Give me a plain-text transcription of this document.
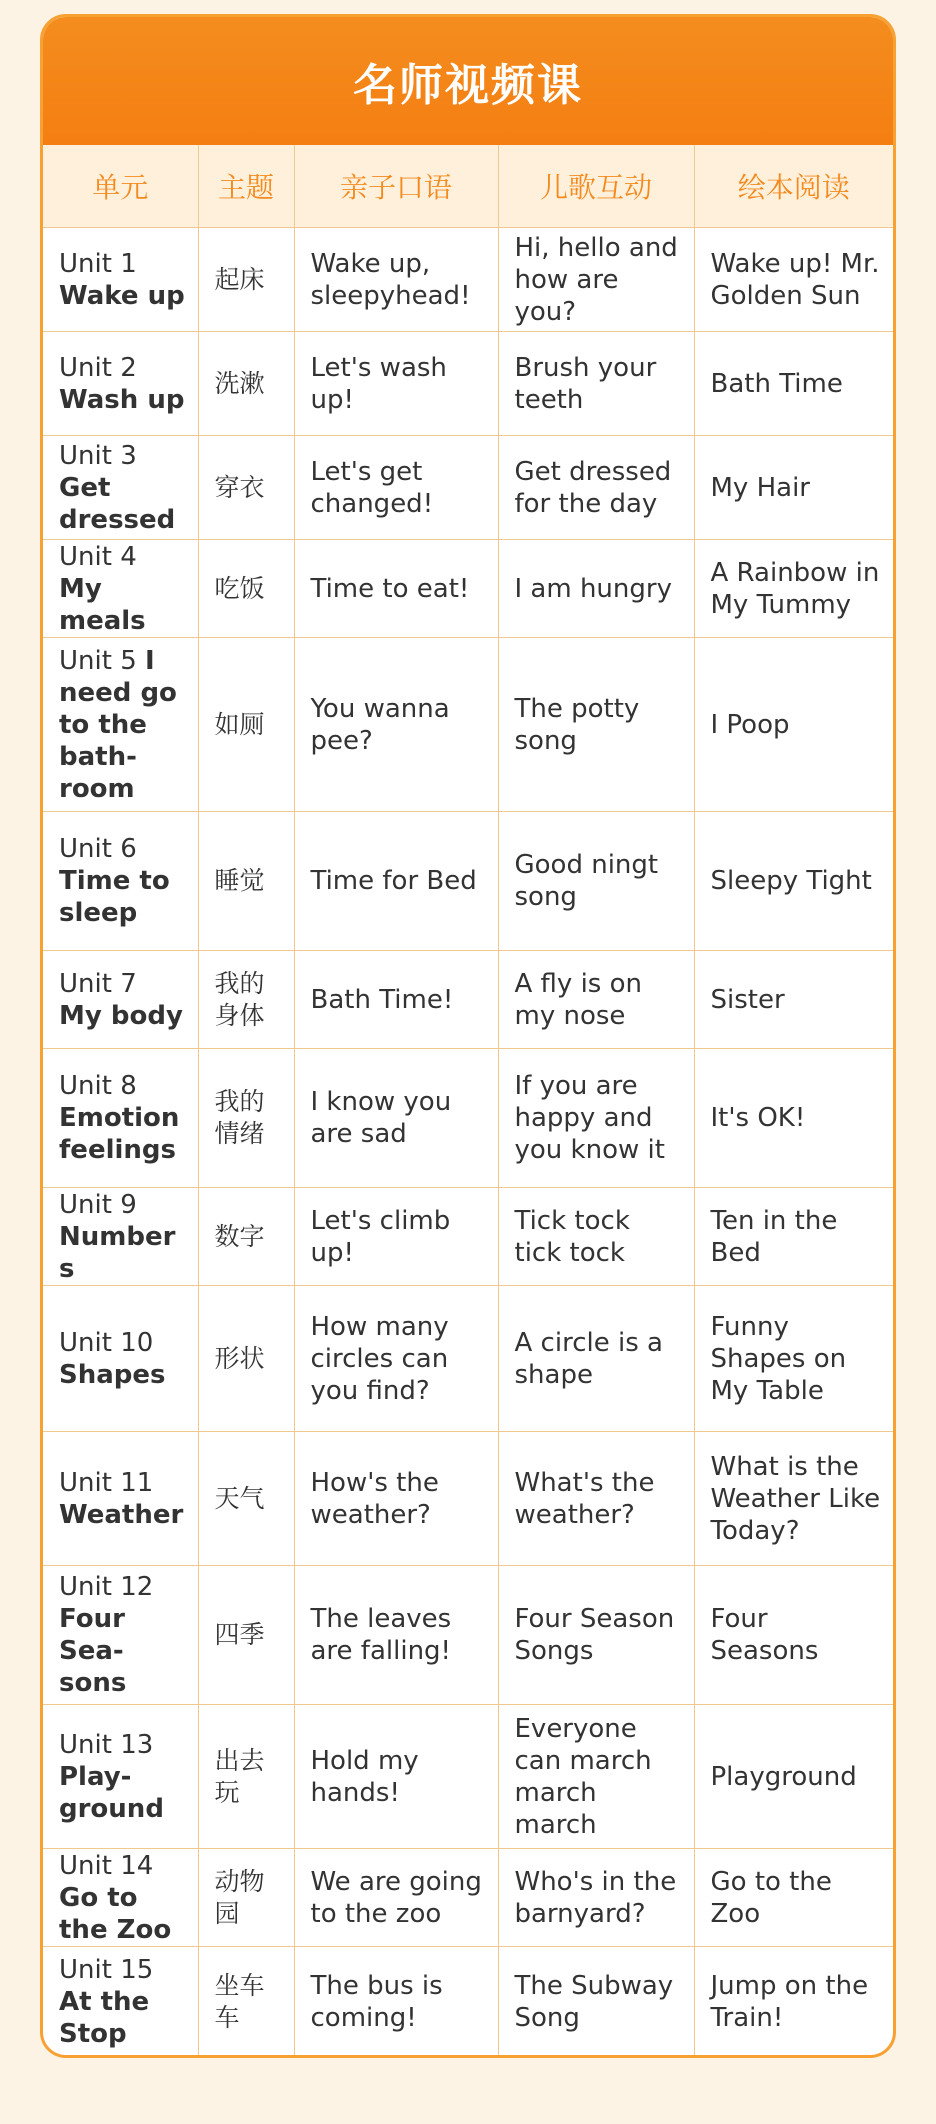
名师视频课
单元	主题	亲子口语	儿歌互动	绘本阅读
Unit 1 Wake up	起床	Wake up, sleepyhead!	Hi, hello and how are you?	Wake up! Mr. Golden Sun
Unit 2 Wash up	洗漱	Let's wash up!	Brush your teeth	Bath Time
Unit 3 Get dressed	穿衣	Let's get changed!	Get dressed for the day	My Hair
Unit 4 My meals	吃饭	Time to eat!	I am hungry	A Rainbow in My Tummy
Unit 5 I need go to the bath-room	如厕	You wanna pee?	The potty song	I Poop
Unit 6 Time to sleep	睡觉	Time for Bed	Good ningt song	Sleepy Tight
Unit 7 My body	我的身体	Bath Time!	A fly is on my nose	Sister
Unit 8 Emotion feelings	我的情绪	I know you are sad	If you are happy and you know it	It's OK!
Unit 9 Numbers	数字	Let's climb up!	Tick tock tick tock	Ten in the Bed
Unit 10 Shapes	形状	How many circles can you find?	A circle is a shape	Funny Shapes on My Table
Unit 11 Weather	天气	How's the weather?	What's the weather?	What is the Weather Like Today?
Unit 12 Four Sea-sons	四季	The leaves are falling!	Four Season Songs	Four Seasons
Unit 13 Play-ground	出去玩	Hold my hands!	Everyone can march march march	Playground
Unit 14 Go to the Zoo	动物园	We are going to the zoo	Who's in the barnyard?	Go to the Zoo
Unit 15 At the Stop	坐车车	The bus is coming!	The Subway Song	Jump on the Train!
